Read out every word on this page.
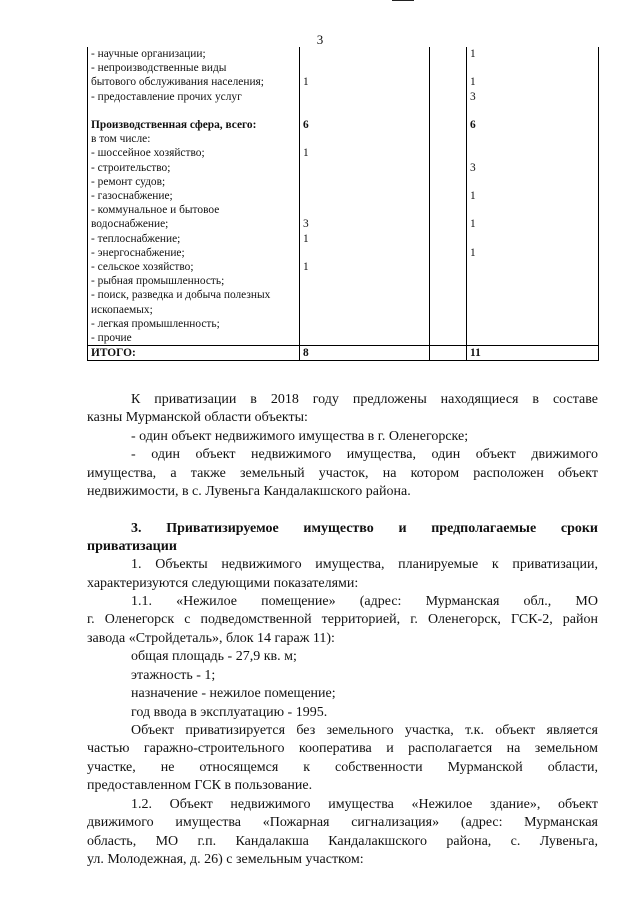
3
- научные организации;			1
- непроизводственные виды			
бытового обслуживания населения;	1		1
- предоставление прочих услуг			3

Производственная сфера, всего:	6		6
в том числе:			
- шоссейное хозяйство;	1		
- строительство;			3
- ремонт судов;			
- газоснабжение;			1
- коммунальное и бытовое			
водоснабжение;	3		1
- теплоснабжение;	1		
- энергоснабжение;			1
- сельское хозяйство;	1		
- рыбная промышленность;			
- поиск, разведка и добыча полезных			
ископаемых;			
- легкая промышленность;			
- прочие			
ИТОГО:	8		11
К приватизации в 2018 году предложены находящиеся в составе
казны Мурманской области объекты:
- один объект недвижимого имущества в г. Оленегорске;
- один объект недвижимого имущества, один объект движимого
имущества, а также земельный участок, на котором расположен объект
недвижимости, в с. Лувеньга Кандалакшского района.
3. Приватизируемое имущество и предполагаемые сроки
приватизации
1. Объекты недвижимого имущества, планируемые к приватизации,
характеризуются следующими показателями:
1.1. «Нежилое помещение» (адрес: Мурманская обл., МО
г. Оленегорск с подведомственной территорией, г. Оленегорск, ГСК-2, район
завода «Стройдеталь», блок 14 гараж 11):
общая площадь - 27,9 кв. м;
этажность - 1;
назначение - нежилое помещение;
год ввода в эксплуатацию - 1995.
Объект приватизируется без земельного участка, т.к. объект является
частью гаражно-строительного кооператива и располагается на земельном
участке, не относящемся к собственности Мурманской области,
предоставленном ГСК в пользование.
1.2. Объект недвижимого имущества «Нежилое здание», объект
движимого имущества «Пожарная сигнализация» (адрес: Мурманская
область, МО г.п. Кандалакша Кандалакшского района, с. Лувеньга,
ул. Молодежная, д. 26) с земельным участком:
